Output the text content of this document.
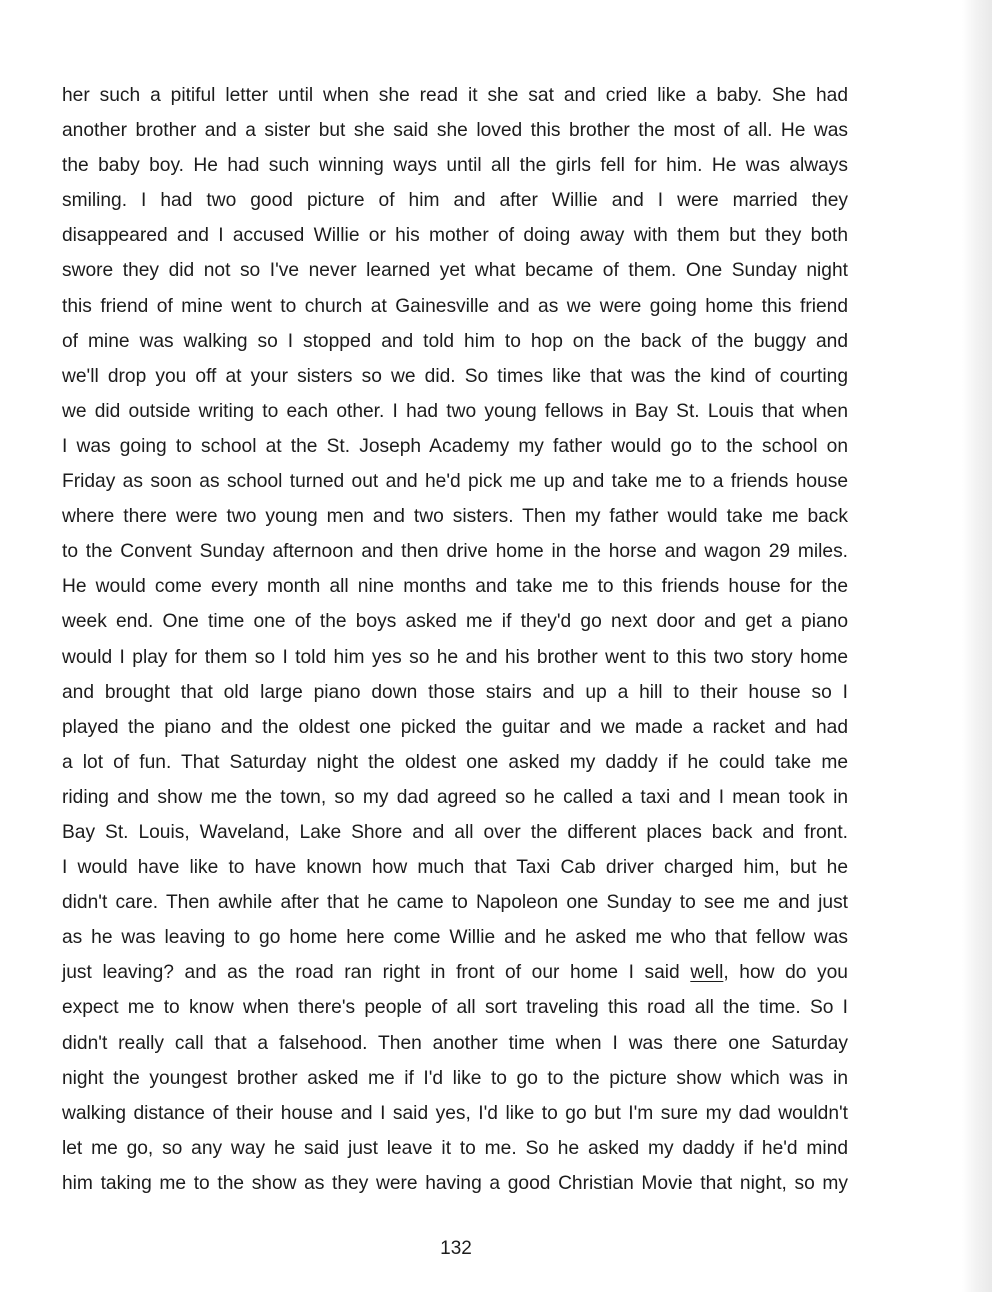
her such a pitiful letter until when she read it she sat and cried like a baby. She had
another brother and a sister but she said she loved this brother the most of all. He was
the baby boy. He had such winning ways until all the girls fell for him. He was always
smiling. I had two good picture of him and after Willie and I were married they
disappeared and I accused Willie or his mother of doing away with them but they both
swore they did not so I've never learned yet what became of them. One Sunday night
this friend of mine went to church at Gainesville and as we were going home this friend
of mine was walking so I stopped and told him to hop on the back of the buggy and
we'll drop you off at your sisters so we did. So times like that was the kind of courting
we did outside writing to each other. I had two young fellows in Bay St. Louis that when
I was going to school at the St. Joseph Academy my father would go to the school on
Friday as soon as school turned out and he'd pick me up and take me to a friends house
where there were two young men and two sisters. Then my father would take me back
to the Convent Sunday afternoon and then drive home in the horse and wagon 29 miles.
He would come every month all nine months and take me to this friends house for the
week end. One time one of the boys asked me if they'd go next door and get a piano
would I play for them so I told him yes so he and his brother went to this two story home
and brought that old large piano down those stairs and up a hill to their house so I
played the piano and the oldest one picked the guitar and we made a racket and had
a lot of fun. That Saturday night the oldest one asked my daddy if he could take me
riding and show me the town, so my dad agreed so he called a taxi and I mean took in
Bay St. Louis, Waveland, Lake Shore and all over the different places back and front.
I would have like to have known how much that Taxi Cab driver charged him, but he
didn't care. Then awhile after that he came to Napoleon one Sunday to see me and just
as he was leaving to go home here come Willie and he asked me who that fellow was
just leaving? and as the road ran right in front of our home I said well, how do you
expect me to know when there's people of all sort traveling this road all the time. So I
didn't really call that a falsehood. Then another time when I was there one Saturday
night the youngest brother asked me if I'd like to go to the picture show which was in
walking distance of their house and I said yes, I'd like to go but I'm sure my dad wouldn't
let me go, so any way he said just leave it to me. So he asked my daddy if he'd mind
him taking me to the show as they were having a good Christian Movie that night, so my
132
